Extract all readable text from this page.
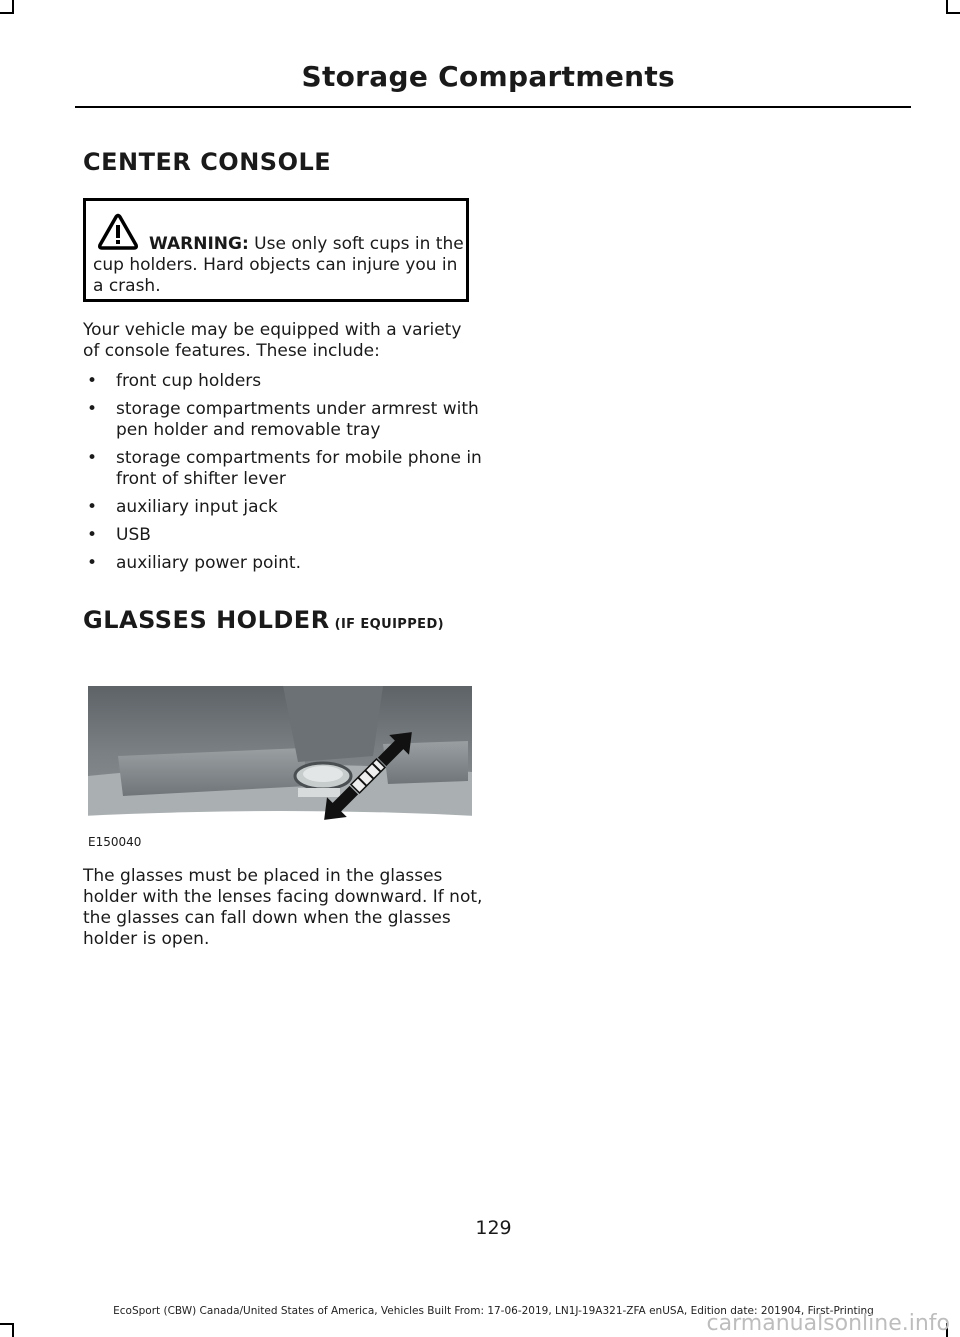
Storage Compartments
CENTER CONSOLE
WARNING: Use only soft cups in the cup holders. Hard objects can injure you in a crash.
Your vehicle may be equipped with a variety of console features. These include:
• front cup holders
• storage compartments under armrest with pen holder and removable tray
• storage compartments for mobile phone in front of shifter lever
• auxiliary input jack
• USB
• auxiliary power point.
GLASSES HOLDER (IF EQUIPPED)
E150040
The glasses must be placed in the glasses holder with the lenses facing downward. If not, the glasses can fall down when the glasses holder is open.
129
EcoSport (CBW) Canada/United States of America, Vehicles Built From: 17-06-2019, LN1J-19A321-ZFA enUSA, Edition date: 201904, First-Printing
carmanualsonline.info
